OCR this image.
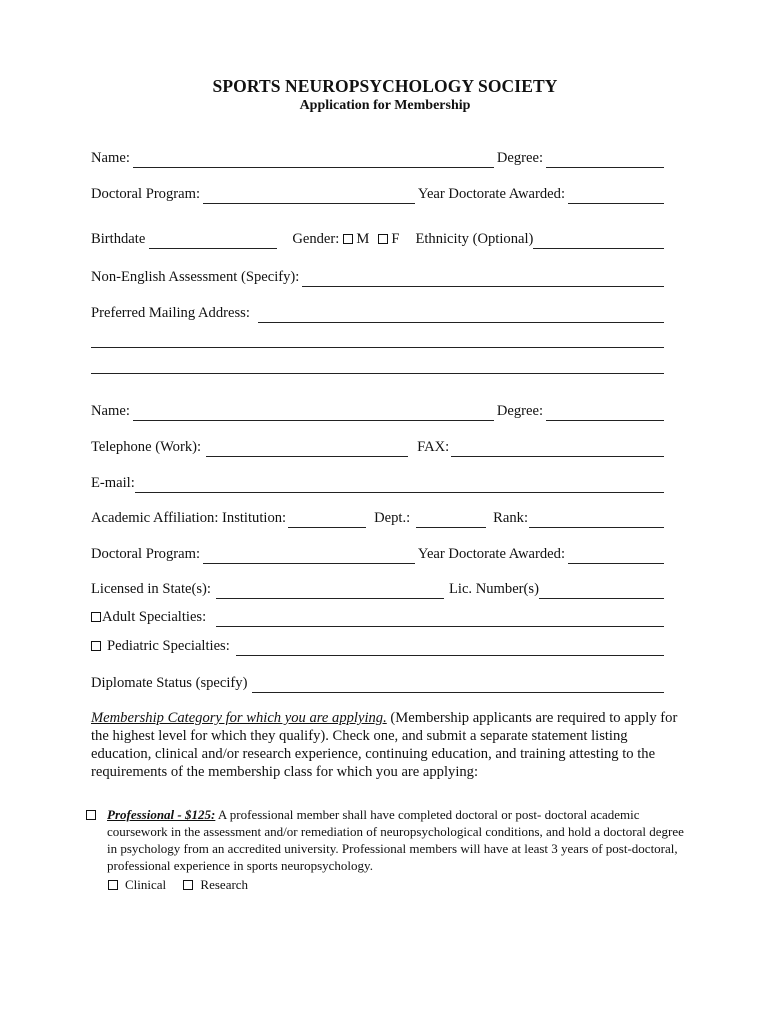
SPORTS NEUROPSYCHOLOGY SOCIETY
Application for Membership
Name:	Degree:
Doctoral Program:	Year Doctorate Awarded:
Birthdate	Gender:	M	F Ethnicity (Optional)
Non-English Assessment (Specify):
Preferred Mailing Address:
Name:	Degree:
Telephone (Work):	FAX:
E-mail:
Academic Affiliation: Institution:	Dept.:	Rank:
Doctoral Program:	Year Doctorate Awarded:
Licensed in State(s):	Lic. Number(s)
Adult Specialties:
Pediatric Specialties:
Diplomate Status (specify)
Membership Category for which you are applying. (Membership applicants are required to apply for the highest level for which they qualify). Check one, and submit a separate statement listing education, clinical and/or research experience, continuing education, and training attesting to the requirements of the membership class for which you are applying:
Professional - $125: A professional member shall have completed doctoral or post- doctoral academic coursework in the assessment and/or remediation of neuropsychological conditions, and hold a doctoral degree in psychology from an accredited university. Professional members will have at least 3 years of post-doctoral, professional experience in sports neuropsychology.
Clinical	Research
